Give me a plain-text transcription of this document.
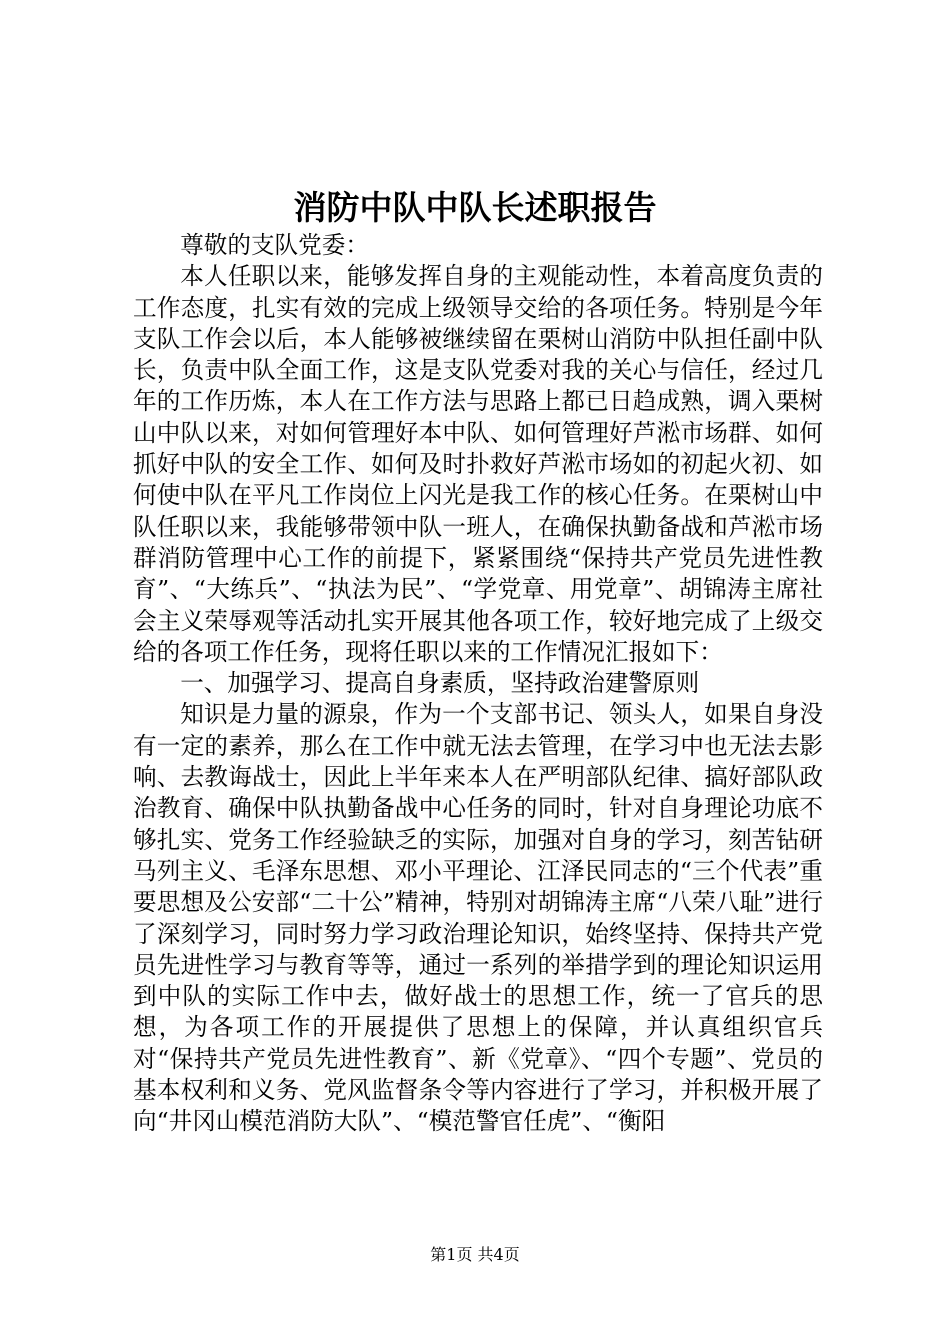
消防中队中队长述职报告

尊敬的支队党委：

本人任职以来，能够发挥自身的主观能动性，本着高度负责的工作态度，扎实有效的完成上级领导交给的各项任务。特别是今年支队工作会以后，本人能够被继续留在栗树山消防中队担任副中队长，负责中队全面工作，这是支队党委对我的关心与信任，经过几年的工作历炼，本人在工作方法与思路上都已日趋成熟，调入栗树山中队以来，对如何管理好本中队、如何管理好芦淞市场群、如何抓好中队的安全工作、如何及时扑救好芦淞市场如的初起火初、如何使中队在平凡工作岗位上闪光是我工作的核心任务。在栗树山中队任职以来，我能够带领中队一班人，在确保执勤备战和芦淞市场群消防管理中心工作的前提下，紧紧围绕“保持共产党员先进性教育”、“大练兵”、“执法为民”、“学党章、用党章”、胡锦涛主席社会主义荣辱观等活动扎实开展其他各项工作，较好地完成了上级交给的各项工作任务，现将任职以来的工作情况汇报如下：

一、加强学习、提高自身素质，坚持政治建警原则

知识是力量的源泉，作为一个支部书记、领头人，如果自身没有一定的素养，那么在工作中就无法去管理，在学习中也无法去影响、去教诲战士，因此上半年来本人在严明部队纪律、搞好部队政治教育、确保中队执勤备战中心任务的同时，针对自身理论功底不够扎实、党务工作经验缺乏的实际，加强对自身的学习，刻苦钻研马列主义、毛泽东思想、邓小平理论、江泽民同志的“三个代表”重要思想及公安部“二十公”精神，特别对胡锦涛主席“八荣八耻”进行了深刻学习，同时努力学习政治理论知识，始终坚持、保持共产党员先进性学习与教育等等，通过一系列的举措学到的理论知识运用到中队的实际工作中去，做好战士的思想工作，统一了官兵的思想，为各项工作的开展提供了思想上的保障，并认真组织官兵对“保持共产党员先进性教育”、新《党章》、“四个专题”、党员的基本权利和义务、党风监督条令等内容进行了学习，并积极开展了向“井冈山模范消防大队”、“模范警官任虎”、“衡阳

第1页 共4页
